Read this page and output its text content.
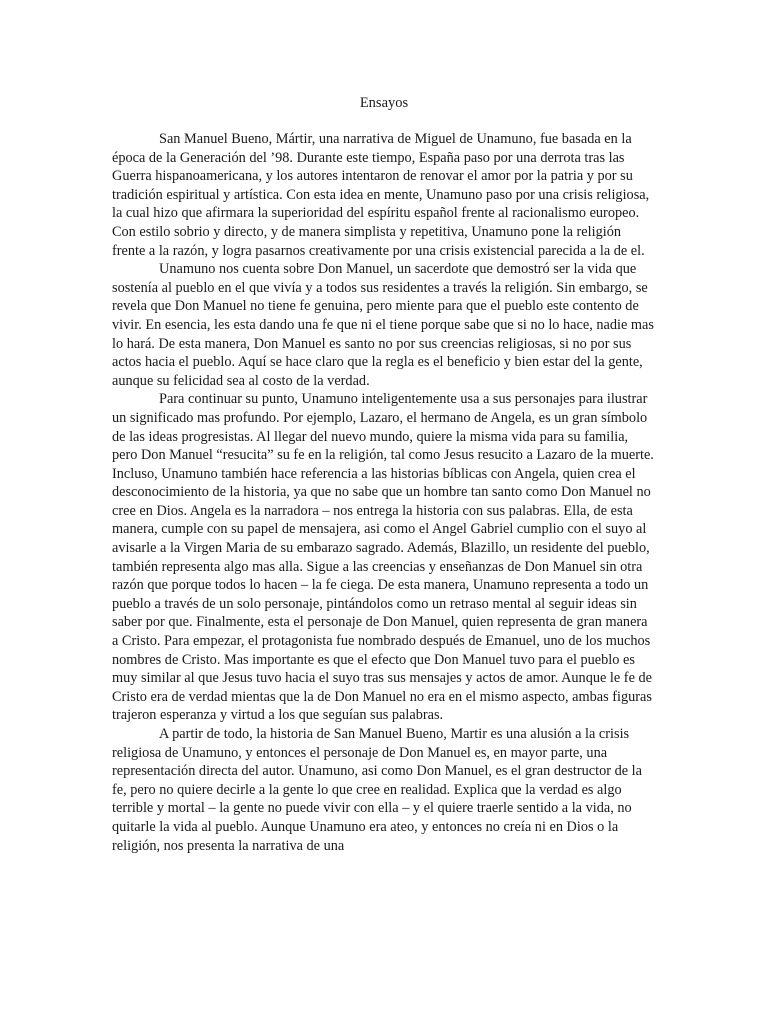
Ensayos

San Manuel Bueno, Mártir, una narrativa de Miguel de Unamuno, fue basada en la época de la Generación del ’98. Durante este tiempo, España paso por una derrota tras las Guerra hispanoamericana, y los autores intentaron de renovar el amor por la patria y por su tradición espiritual y artística. Con esta idea en mente, Unamuno paso por una crisis religiosa, la cual hizo que afirmara la superioridad del espíritu español frente al racionalismo europeo. Con estilo sobrio y directo, y de manera simplista y repetitiva, Unamuno pone la religión frente a la razón, y logra pasarnos creativamente por una crisis existencial parecida a la de el.

Unamuno nos cuenta sobre Don Manuel, un sacerdote que demostró ser la vida que sostenía al pueblo en el que vivía y a todos sus residentes a través la religión. Sin embargo, se revela que Don Manuel no tiene fe genuina, pero miente para que el pueblo este contento de vivir. En esencia, les esta dando una fe que ni el tiene porque sabe que si no lo hace, nadie mas lo hará. De esta manera, Don Manuel es santo no por sus creencias religiosas, si no por sus actos hacia el pueblo. Aquí se hace claro que la regla es el beneficio y bien estar del la gente, aunque su felicidad sea al costo de la verdad.

Para continuar su punto, Unamuno inteligentemente usa a sus personajes para ilustrar un significado mas profundo. Por ejemplo, Lazaro, el hermano de Angela, es un gran símbolo de las ideas progresistas. Al llegar del nuevo mundo, quiere la misma vida para su familia, pero Don Manuel “resucita” su fe en la religión, tal como Jesus resucito a Lazaro de la muerte. Incluso, Unamuno también hace referencia a las historias bíblicas con Angela, quien crea el desconocimiento de la historia, ya que no sabe que un hombre tan santo como Don Manuel no cree en Dios. Angela es la narradora – nos entrega la historia con sus palabras. Ella, de esta manera, cumple con su papel de mensajera, asi como el Angel Gabriel cumplio con el suyo al avisarle a la Virgen Maria de su embarazo sagrado. Además, Blazillo, un residente del pueblo, también representa algo mas alla. Sigue a las creencias y enseñanzas de Don Manuel sin otra razón que porque todos lo hacen – la fe ciega. De esta manera, Unamuno representa a todo un pueblo a través de un solo personaje, pintándolos como un retraso mental al seguir ideas sin saber por que. Finalmente, esta el personaje de Don Manuel, quien representa de gran manera a Cristo. Para empezar, el protagonista fue nombrado después de Emanuel, uno de los muchos nombres de Cristo. Mas importante es que el efecto que Don Manuel tuvo para el pueblo es muy similar al que Jesus tuvo hacia el suyo tras sus mensajes y actos de amor. Aunque le fe de Cristo era de verdad mientas que la de Don Manuel no era en el mismo aspecto, ambas figuras trajeron esperanza y virtud a los que seguían sus palabras.

A partir de todo, la historia de San Manuel Bueno, Martir es una alusión a la crisis religiosa de Unamuno, y entonces el personaje de Don Manuel es, en mayor parte, una representación directa del autor. Unamuno, asi como Don Manuel, es el gran destructor de la fe, pero no quiere decirle a la gente lo que cree en realidad. Explica que la verdad es algo terrible y mortal – la gente no puede vivir con ella – y el quiere traerle sentido a la vida, no quitarle la vida al pueblo. Aunque Unamuno era ateo, y entonces no creía ni en Dios o la religión, nos presenta la narrativa de una
